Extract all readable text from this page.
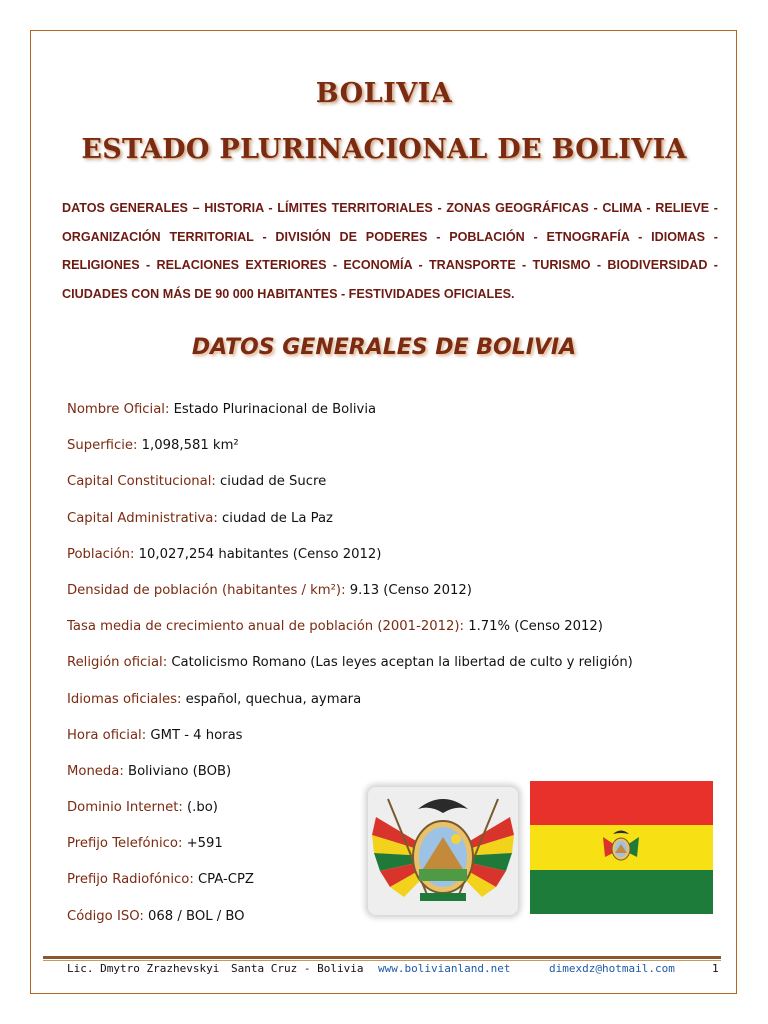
BOLIVIA
ESTADO PLURINACIONAL DE BOLIVIA

DATOS GENERALES – HISTORIA - LÍMITES TERRITORIALES - ZONAS GEOGRÁFICAS - CLIMA - RELIEVE - ORGANIZACIÓN TERRITORIAL - DIVISIÓN DE PODERES - POBLACIÓN - ETNOGRAFÍA - IDIOMAS - RELIGIONES - RELACIONES EXTERIORES - ECONOMÍA - TRANSPORTE - TURISMO - BIODIVERSIDAD - CIUDADES CON MÁS DE 90 000 HABITANTES - FESTIVIDADES OFICIALES.

DATOS GENERALES DE BOLIVIA
Nombre Oficial: Estado Plurinacional de Bolivia
Superficie: 1,098,581 km²
Capital Constitucional: ciudad de Sucre
Capital Administrativa: ciudad de La Paz
Población: 10,027,254 habitantes (Censo 2012)
Densidad de población (habitantes / km²): 9.13 (Censo 2012)
Tasa media de crecimiento anual de población (2001-2012): 1.71% (Censo 2012)
Religión oficial: Catolicismo Romano (Las leyes aceptan la libertad de culto y religión)
Idiomas oficiales: español, quechua, aymara
Hora oficial: GMT - 4 horas
Moneda: Boliviano (BOB)
Dominio Internet: (.bo)
Prefijo Telefónico: +591
Prefijo Radiofónico: CPA-CPZ
Código ISO: 068 / BOL / BO
Lic. Dmytro Zrazhevskyi Santa Cruz - Bolivia www.bolivianland.net	dimexdz@hotmail.com	1
